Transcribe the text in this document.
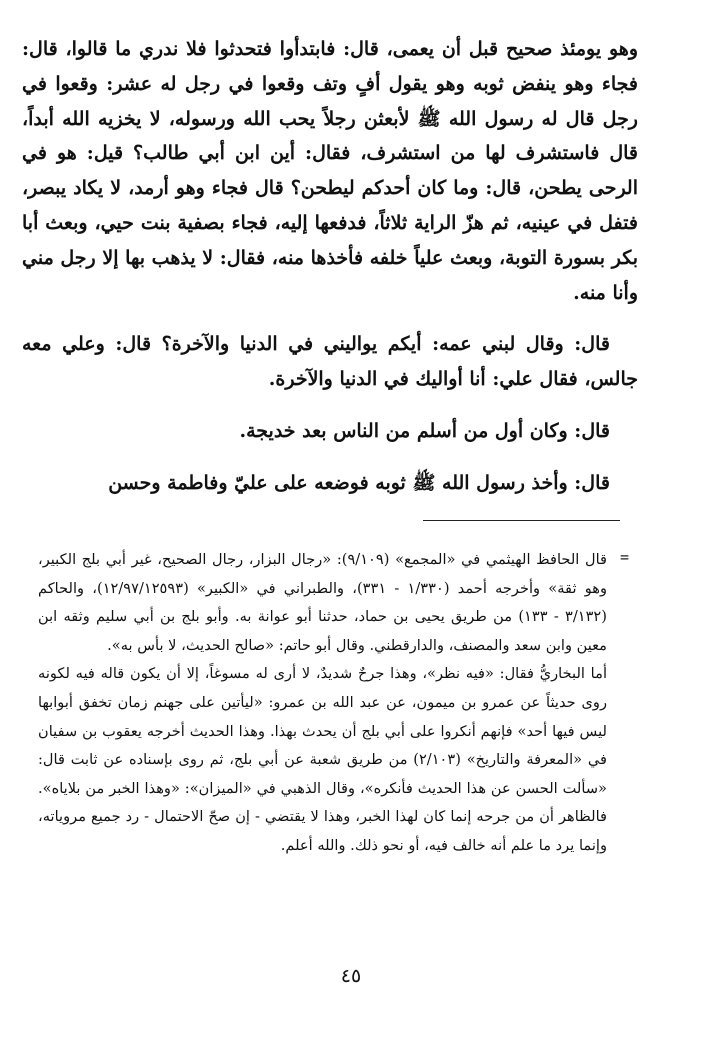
وهو يومئذ صحيح قبل أن يعمى، قال: فابتدأوا فتحدثوا فلا ندري ما قالوا، قال: فجاء وهو ينفض ثوبه وهو يقول أفٍ وتف وقعوا في رجل له عشر: وقعوا في رجل قال له رسول الله ﷺ لأبعثن رجلاً يحب الله ورسوله، لا يخزيه الله أبداً، قال فاستشرف لها من استشرف، فقال: أين ابن أبي طالب؟ قيل: هو في الرحى يطحن، قال: وما كان أحدكم ليطحن؟ قال فجاء وهو أرمد، لا يكاد يبصر، فتفل في عينيه، ثم هزّ الراية ثلاثاً، فدفعها إليه، فجاء بصفية بنت حيي، وبعث أبا بكر بسورة التوبة، وبعث علياً خلفه فأخذها منه، فقال: لا يذهب بها إلا رجل مني وأنا منه.

قال: وقال لبني عمه: أيكم يواليني في الدنيا والآخرة؟ قال: وعلي معه جالس، فقال علي: أنا أواليك في الدنيا والآخرة.

قال: وكان أول من أسلم من الناس بعد خديجة.

قال: وأخذ رسول الله ﷺ ثوبه فوضعه على عليّ وفاطمة وحسن

=

قال الحافظ الهيثمي في «المجمع» (٩/١٠٩): «رجال البزار، رجال الصحيح، غير أبي بلج الكبير، وهو ثقة» وأخرجه أحمد (١/٣٣٠ - ٣٣١)، والطبراني في «الكبير» (١٢/٩٧/١٢٥٩٣)، والحاكم (٣/١٣٢ - ١٣٣) من طريق يحيى بن حماد، حدثنا أبو عوانة به. وأبو بلج بن أبي سليم وثقه ابن معين وابن سعد والمصنف، والدارقطني. وقال أبو حاتم: «صالح الحديث، لا بأس به».

أما البخاريُّ فقال: «فيه نظر»، وهذا جرحٌ شديدٌ، لا أرى له مسوغاً، إلا أن يكون قاله فيه لكونه روى حديثاً عن عمرو بن ميمون، عن عبد الله بن عمرو: «ليأتين على جهنم زمان تخفق أبوابها ليس فيها أحد» فإنهم أنكروا على أبي بلج أن يحدث بهذا. وهذا الحديث أخرجه يعقوب بن سفيان في «المعرفة والتاريخ» (٢/١٠٣) من طريق شعبة عن أبي بلج، ثم روى بإسناده عن ثابت قال: «سألت الحسن عن هذا الحديث فأنكره»، وقال الذهبي في «الميزان»: «وهذا الخبر من بلاياه». فالظاهر أن من جرحه إنما كان لهذا الخبر، وهذا لا يقتضي - إن صحّ الاحتمال - رد جميع مروياته، وإنما يرد ما علم أنه خالف فيه، أو نحو ذلك. والله أعلم.

٤٥
